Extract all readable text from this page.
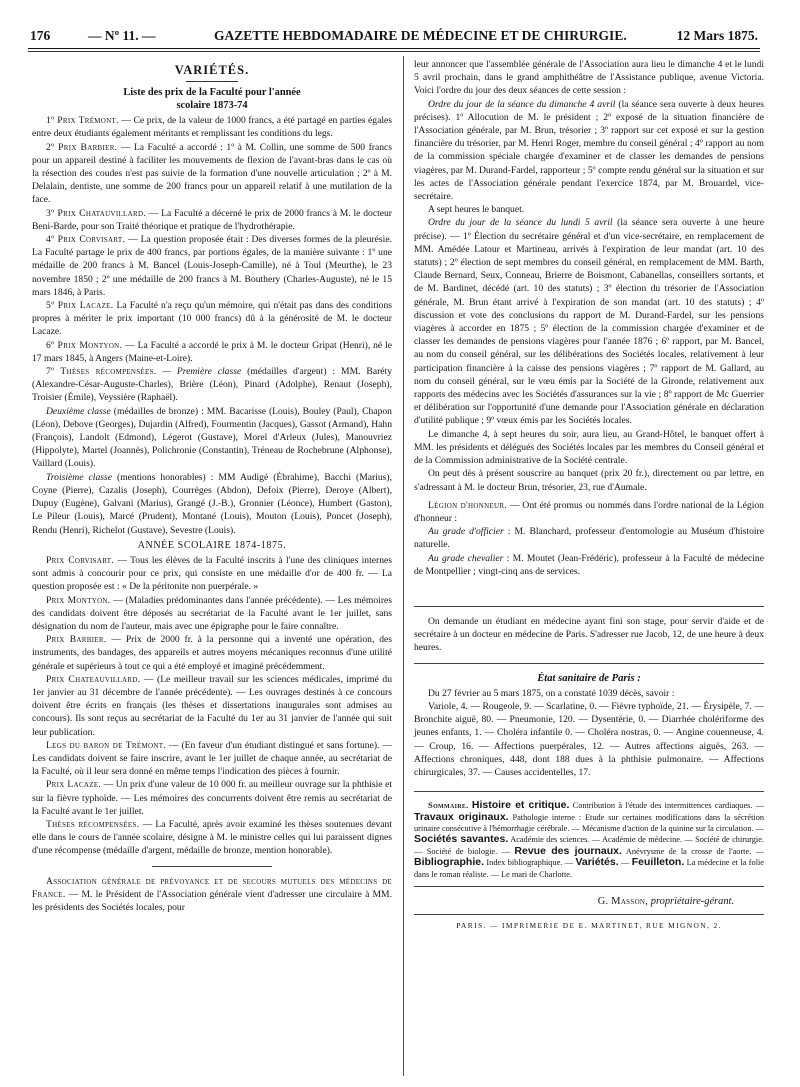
176	— Nº 11. —	GAZETTE HEBDOMADAIRE DE MÉDECINE ET DE CHIRURGIE.	12 Mars 1875.
VARIÉTÉS.
Liste des prix de la Faculté pour l'année
scolaire 1873-74

1º Prix Trémont. — Ce prix, de la valeur de 1000 francs, a été partagé en parties égales entre deux étudiants également méritants et remplissant les conditions du legs.

2º Prix Barbier. — La Faculté a accordé : 1º à M. Collin, une somme de 500 francs pour un appareil destiné à faciliter les mouvements de flexion de l'avant-bras dans le cas où la résection des coudes n'est pas suivie de la formation d'une nouvelle articulation ; 2º à M. Delalain, dentiste, une somme de 200 francs pour un appareil relatif à une mutilation de la face.

3º Prix Chatauvillard. — La Faculté a décerné le prix de 2000 francs à M. le docteur Beni-Barde, pour son Traité théorique et pratique de l'hydrothérapie.

4º Prix Corvisart. — La question proposée était : Des diverses formes de la pleurésie. La Faculté partage le prix de 400 francs, par portions égales, de la manière suivante : 1º une médaille de 200 francs à M. Bancel (Louis-Joseph-Camille), né à Toul (Meurthe), le 23 novembre 1850 ; 2º une médaille de 200 francs à M. Bouthery (Charles-Auguste), né le 15 mars 1846, à Paris.

5º Prix Lacaze. La Faculté n'a reçu qu'un mémoire, qui n'était pas dans des conditions propres à mériter le prix important (10 000 francs) dû à la générosité de M. le docteur Lacaze.

6º Prix Montyon. — La Faculté a accordé le prix à M. le docteur Gripat (Henri), né le 17 mars 1845, à Angers (Maine-et-Loire).

7º Thèses récompensées. — Première classe (médailles d'argent) : MM. Baréty (Alexandre-César-Auguste-Charles), Brière (Léon), Pinard (Adolphe), Renaut (Joseph), Troisier (Émile), Veyssière (Raphaël).

Deuxième classe (médailles de bronze) : MM. Bacarisse (Louis), Bouley (Paul), Chapon (Léon), Debove (Georges), Dujardin (Alfred), Fourmentin (Jacques), Gassot (Armand), Hahn (François), Landolt (Edmond), Légerot (Gustave), Morel d'Arleux (Jules), Manouvriez (Hippolyte), Martel (Joannès), Polichronie (Constantin), Tréneau de Rochebrune (Alphonse), Vaillard (Louis).

Troisième classe (mentions honorables) : MM Audigé (Ébrahime), Bacchi (Marius), Coyne (Pierre), Cazalis (Joseph), Courrèges (Abdon), Defoix (Pierre), Deroye (Albert), Dupuy (Eugène), Galvani (Marius), Grangé (J.-B.), Gronnier (Léonce), Humbert (Gaston), Le Pileur (Louis), Marcé (Prudent), Montané (Louis), Mouton (Louis), Poncet (Joseph), Rendu (Henri), Richelot (Gustave), Sevestre (Louis).

ANNÉE SCOLAIRE 1874-1875.

Prix Corvisart. — Tous les élèves de la Faculté inscrits à l'une des cliniques internes sont admis à concourir pour ce prix, qui consiste en une médaille d'or de 400 fr. — La question proposée est : « De la péritonite non puerpérale. »

Prix Montyon. — (Maladies prédominantes dans l'année précédente). — Les mémoires des candidats doivent être déposés au secrétariat de la Faculté avant le 1er juillet, sans désignation du nom de l'auteur, mais avec une épigraphe pour le faire connaître.

Prix Barbier. — Prix de 2000 fr. à la personne qui a inventé une opération, des instruments, des bandages, des appareils et autres moyens mécaniques reconnus d'une utilité générale et supérieurs à tout ce qui a été employé et imaginé précédemment.

Prix Chateauvillard. — (Le meilleur travail sur les sciences médicales, imprimé du 1er janvier au 31 décembre de l'année précédente). — Les ouvrages destinés à ce concours doivent être écrits en français (les thèses et dissertations inaugurales sont admises au concours). Ils sont reçus au secrétariat de la Faculté du 1er au 31 janvier de l'année qui suit leur publication.

Legs du baron de Trémont. — (En faveur d'un étudiant distingué et sans fortune). — Les candidats doivent se faire inscrire, avant le 1er juillet de chaque année, au secrétariat de la Faculté, où il leur sera donné en même temps l'indication des pièces à fournir.

Prix Lacaze. — Un prix d'une valeur de 10 000 fr. au meilleur ouvrage sur la phthisie et sur la fièvre typhoïde. — Les mémoires des concurrents doivent être remis au secrétariat de la Faculté avant le 1er juillet.

Thèses récompensées. — La Faculté, après avoir examiné les thèses soutenues devant elle dans le cours de l'année scolaire, désigne à M. le ministre celles qui lui paraissent dignes d'une récompense (médaille d'argent, médaille de bronze, mention honorable).

Association générale de prévoyance et de secours mutuels des médecins de France. — M. le Président de l'Association générale vient d'adresser une circulaire à MM. les présidents des Sociétés locales, pour

leur annoncer que l'assemblée générale de l'Association aura lieu le dimanche 4 et le lundi 5 avril prochain, dans le grand amphithéâtre de l'Assistance publique, avenue Victoria. Voici l'ordre du jour des deux séances de cette session :

Ordre du jour de la séance du dimanche 4 avril (la séance sera ouverte à deux heures précises). 1º Allocution de M. le président ; 2º exposé de la situation financière de l'Association générale, par M. Brun, trésorier ; 3º rapport sur cet exposé et sur la gestion financière du trésorier, par M. Henri Roger, membre du conseil général ; 4º rapport au nom de la commission spéciale chargée d'examiner et de classer les demandes de pensions viagères, par M. Durand-Fardel, rapporteur ; 5º compte rendu général sur la situation et sur les actes de l'Association générale pendant l'exercice 1874, par M. Brouardel, vice-secrétaire.

A sept heures le banquet.

Ordre du jour de la séance du lundi 5 avril (la séance sera ouverte à une heure précise). — 1º Élection du secrétaire général et d'un vice-secrétaire, en remplacement de MM. Amédée Latour et Martineau, arrivés à l'expiration de leur mandat (art. 10 des statuts) ; 2º élection de sept membres du conseil général, en remplacement de MM. Barth, Claude Bernard, Seux, Conneau, Brierre de Boismont, Cabanellas, conseillers sortants, et de M. Bardinet, décédé (art. 10 des statuts) ; 3º élection du trésorier de l'Association générale, M. Brun étant arrivé à l'expiration de son mandat (art. 10 des statuts) ; 4º discussion et vote des conclusions du rapport de M. Durand-Fardel, sur les pensions viagères à accorder en 1875 ; 5º élection de la commission chargée d'examiner et de classer les demandes de pensions viagères pour l'année 1876 ; 6º rapport, par M. Bancel, au nom du conseil général, sur les délibérations des Sociétés locales, relativement à leur participation financière à la caisse des pensions viagères ; 7º rapport de M. Gallard, au nom du conseil général, sur le vœu émis par la Société de la Gironde, relativement aux rapports des médecins avec les Sociétés d'assurances sur la vie ; 8º rapport de Mc Guerrier et délibération sur l'opportunité d'une demande pour l'Association générale en déclaration d'utilité publique ; 9º vœux émis par les Sociétés locales.

Le dimanche 4, à sept heures du soir, aura lieu, au Grand-Hôtel, le banquet offert à MM. les présidents et délégués des Sociétés locales par les membres du Conseil général et de la Commission administrative de la Société centrale.

On peut dès à présent souscrire au banquet (prix 20 fr.), directement ou par lettre, en s'adressant à M. le docteur Brun, trésorier, 23, rue d'Aumale.

Légion d'honneur. — Ont été promus ou nommés dans l'ordre national de la Légion d'honneur :

Au grade d'officier : M. Blanchard, professeur d'entomologie au Muséum d'histoire naturelle.

Au grade chevalier : M. Moutet (Jean-Frédéric), professeur à la Faculté de médecine de Montpellier ; vingt-cinq ans de services.

On demande un étudiant en médecine ayant fini son stage, pour servir d'aide et de secrétaire à un docteur en médecine de Paris. S'adresser rue Jacob, 12, de une heure à deux heures.

État sanitaire de Paris :

Du 27 février au 5 mars 1875, on a constaté 1039 décès, savoir :

Variole, 4. — Rougeole, 9. — Scarlatine, 0. — Fièvre typhoïde, 21. — Érysipèle, 7. — Bronchite aiguë, 80. — Pneumonie, 120. — Dysentérie, 0. — Diarrhée cholériforme des jeunes enfants, 1. — Choléra infantile 0. — Choléra nostras, 0. — Angine couenneuse, 4. — Croup, 16. — Affections puerpérales, 12. — Autres affections aiguës, 263. — Affections chroniques, 448, dont 188 dues à la phthisie pulmonaire. — Affections chirurgicales, 37. — Causes accidentelles, 17.

Sommaire. Histoire et critique. Contribution à l'étude des intermittences cardiaques. — Travaux originaux. Pathologie interne : Etude sur certaines modifications dans la sécrétion urinaire consécutive à l'hémorrhagie cérébrale. — Mécanisme d'action de la quinine sur la circulation. — Sociétés savantes. Académie des sciences. — Académie de médecine. — Société de chirurgie. — Société de biologie. — Revue des journaux. Anévrysme de la crosse de l'aorte. — Bibliographie. Index bibliographique. — Variétés. — Feuilleton. La médecine et la folie dans le roman réaliste. — Le mari de Charlotte.

G. Masson, propriétaire-gérant.
PARIS. — IMPRIMERIE DE E. MARTINET, RUE MIGNON, 2.
